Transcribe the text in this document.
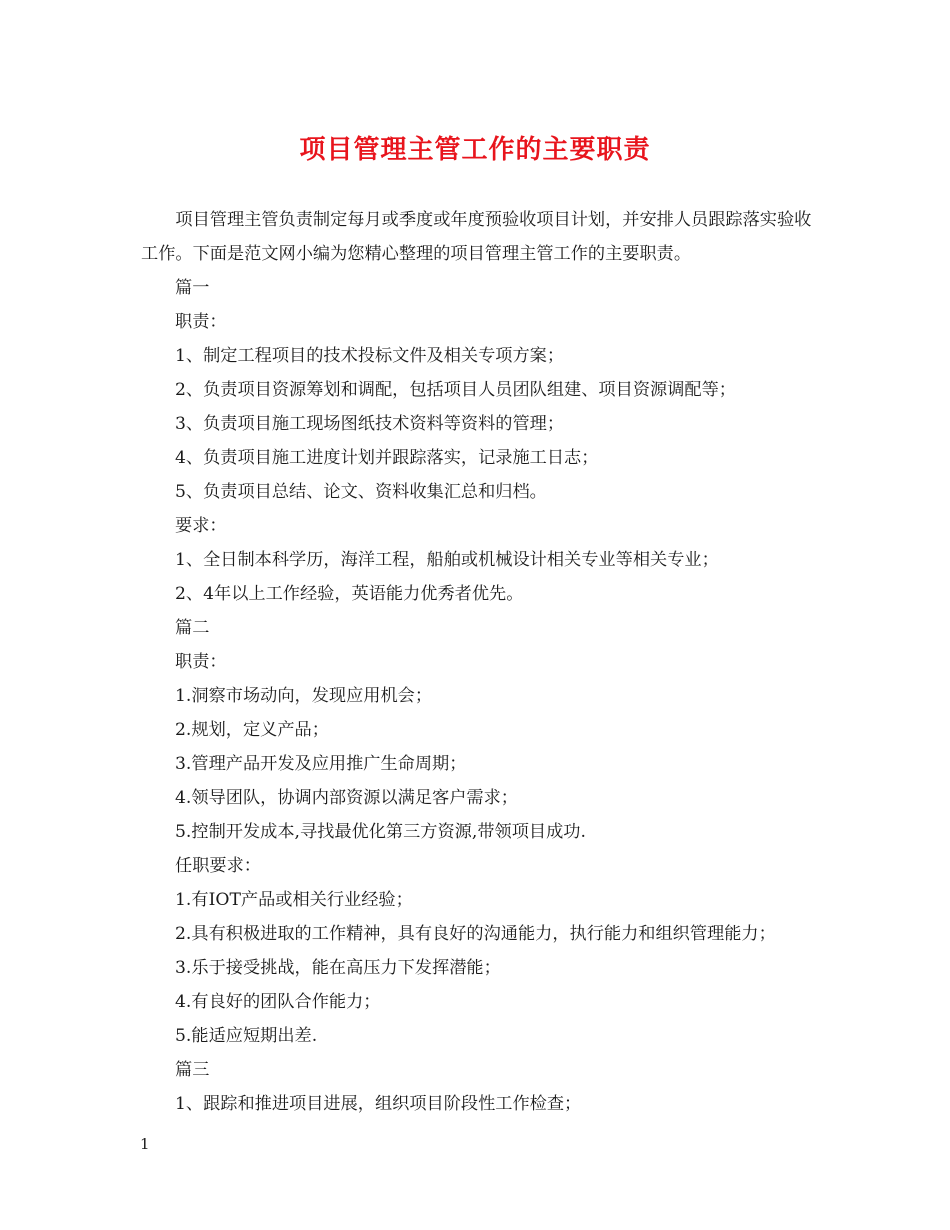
项目管理主管工作的主要职责

项目管理主管负责制定每月或季度或年度预验收项目计划，并安排人员跟踪落实验收工作。下面是范文网小编为您精心整理的项目管理主管工作的主要职责。

篇一

职责：

1、制定工程项目的技术投标文件及相关专项方案；

2、负责项目资源筹划和调配，包括项目人员团队组建、项目资源调配等；

3、负责项目施工现场图纸技术资料等资料的管理；

4、负责项目施工进度计划并跟踪落实，记录施工日志；

5、负责项目总结、论文、资料收集汇总和归档。

要求：

1、全日制本科学历，海洋工程，船舶或机械设计相关专业等相关专业；

2、4年以上工作经验，英语能力优秀者优先。

篇二

职责：

1.洞察市场动向，发现应用机会；

2.规划，定义产品；

3.管理产品开发及应用推广生命周期；

4.领导团队，协调内部资源以满足客户需求；

5.控制开发成本,寻找最优化第三方资源,带领项目成功.

任职要求：

1.有IOT产品或相关行业经验；

2.具有积极进取的工作精神，具有良好的沟通能力，执行能力和组织管理能力；

3.乐于接受挑战，能在高压力下发挥潜能；

4.有良好的团队合作能力；

5.能适应短期出差.

篇三

1、跟踪和推进项目进展，组织项目阶段性工作检查；

1
